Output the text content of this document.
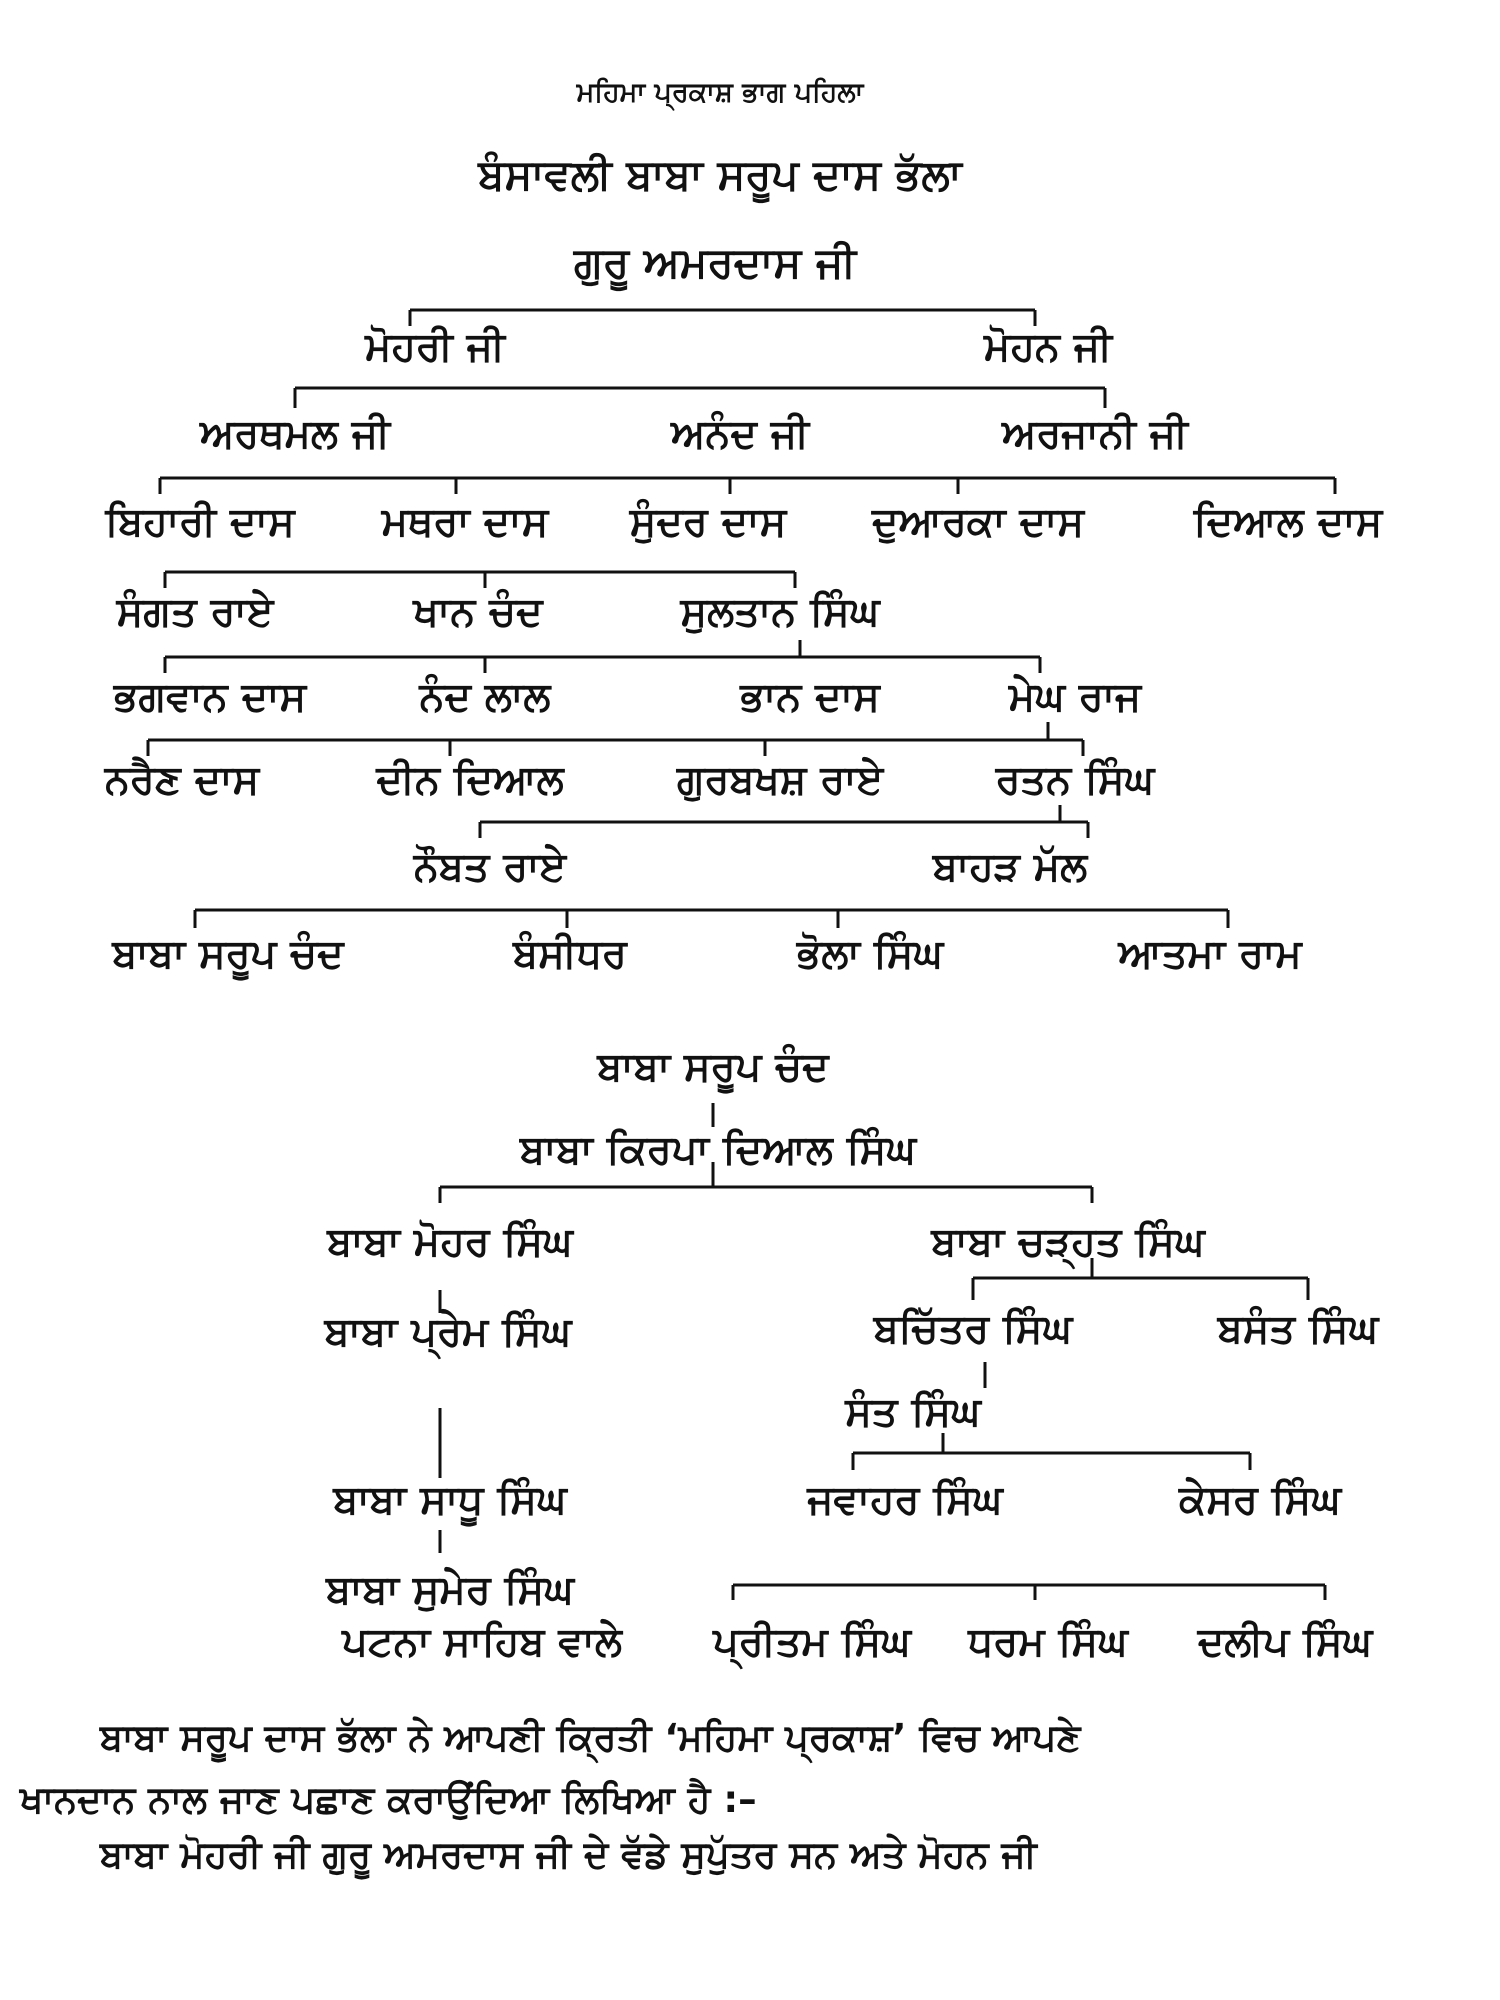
ਮਹਿਮਾ ਪ੍ਰਕਾਸ਼ ਭਾਗ ਪਹਿਲਾ
ਬੰਸਾਵਲੀ ਬਾਬਾ ਸਰੂਪ ਦਾਸ ਭੱਲਾ
ਗੁਰੂ ਅਮਰਦਾਸ ਜੀ
ਮੋਹਰੀ ਜੀ	ਮੋਹਨ ਜੀ
ਅਰਥਮਲ ਜੀ	ਅਨੰਦ ਜੀ	ਅਰਜਾਨੀ ਜੀ
ਬਿਹਾਰੀ ਦਾਸ ਮਥਰਾ ਦਾਸ ਸੁੰਦਰ ਦਾਸ ਦੁਆਰਕਾ ਦਾਸ	ਦਿਆਲ ਦਾਸ
ਸੰਗਤ ਰਾਏ	ਖਾਨ ਚੰਦ	ਸੁਲਤਾਨ ਸਿੰਘ
ਭਗਵਾਨ ਦਾਸ	ਨੰਦ ਲਾਲ	ਭਾਨ ਦਾਸ	ਮੇਘ ਰਾਜ
ਨਰੈਣ ਦਾਸ	ਦੀਨ ਦਿਆਲ	ਗੁਰਬਖਸ਼ ਰਾਏ	ਰਤਨ ਸਿੰਘ
ਨੌਬਤ ਰਾਏ	ਬਾਹੜ ਮੱਲ
ਬਾਬਾ ਸਰੂਪ ਚੰਦ	ਬੰਸੀਧਰ	ਭੋਲਾ ਸਿੰਘ	ਆਤਮਾ ਰਾਮ
ਬਾਬਾ ਸਰੂਪ ਚੰਦ
ਬਾਬਾ ਕਿਰਪਾ ਦਿਆਲ ਸਿੰਘ
ਬਾਬਾ ਮੋਹਰ ਸਿੰਘ
ਬਾਬਾ ਪ੍ਰੇਮ ਸਿੰਘ
ਬਾਬਾ ਸਾਧੂ ਸਿੰਘ
ਬਾਬਾ ਸੁਮੇਰ ਸਿੰਘ
ਪਟਨਾ ਸਾਹਿਬ ਵਾਲੇ
ਬਾਬਾ ਚੜ੍ਹਤ ਸਿੰਘ
ਬਚਿੱਤਰ ਸਿੰਘ	ਬਸੰਤ ਸਿੰਘ
ਸੰਤ ਸਿੰਘ
ਜਵਾਹਰ ਸਿੰਘ	ਕੇਸਰ ਸਿੰਘ
ਪ੍ਰੀਤਮ ਸਿੰਘ ਧਰਮ ਸਿੰਘ ਦਲੀਪ ਸਿੰਘ
ਬਾਬਾ ਸਰੂਪ ਦਾਸ ਭੱਲਾ ਨੇ ਆਪਣੀ ਕ੍ਰਿਤੀ ‘ਮਹਿਮਾ ਪ੍ਰਕਾਸ਼’ ਵਿਚ ਆਪਣੇ
ਖਾਨਦਾਨ ਨਾਲ ਜਾਣ ਪਛਾਣ ਕਰਾਉਂਦਿਆ ਲਿਖਿਆ ਹੈ :–
ਬਾਬਾ ਮੋਹਰੀ ਜੀ ਗੁਰੂ ਅਮਰਦਾਸ ਜੀ ਦੇ ਵੱਡੇ ਸੁਪੁੱਤਰ ਸਨ ਅਤੇ ਮੋਹਨ ਜੀ
